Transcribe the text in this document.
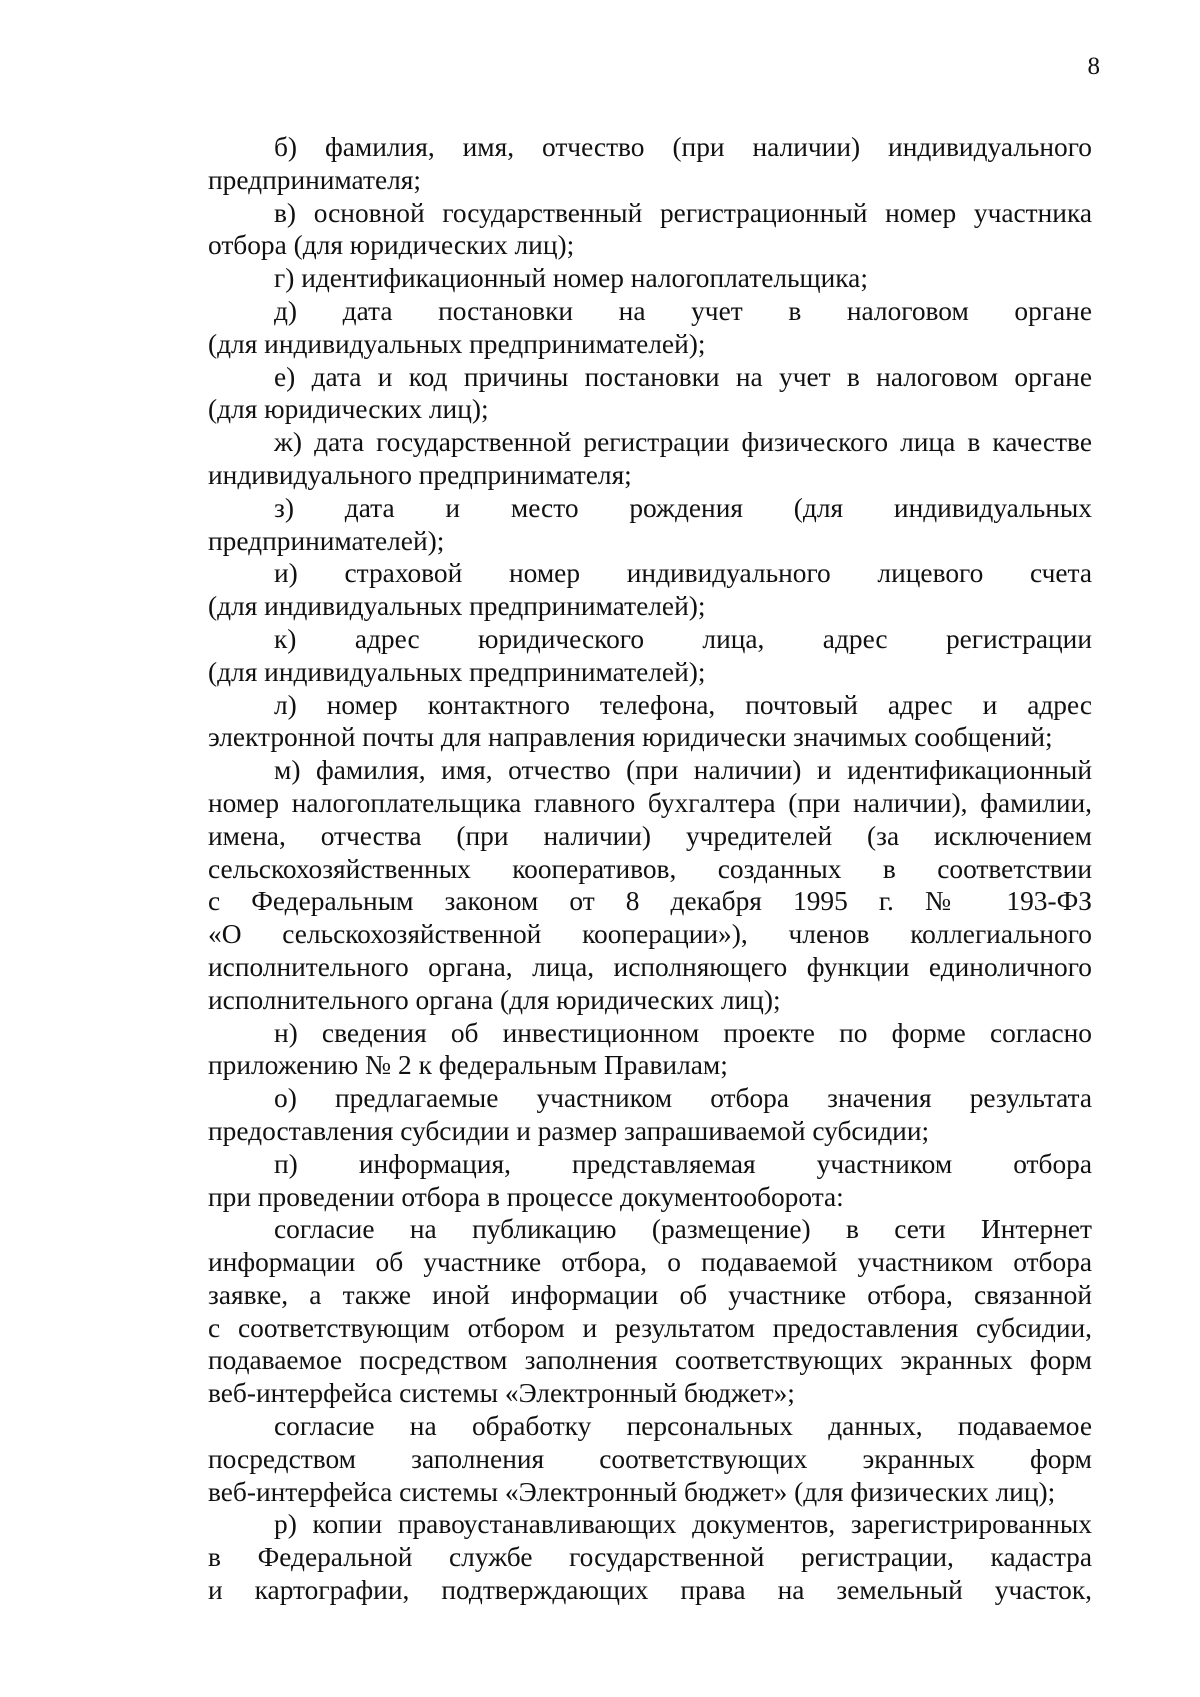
8

б) фамилия, имя, отчество (при наличии) индивидуального

предпринимателя;

в) основной государственный регистрационный номер участника

отбора (для юридических лиц);

г) идентификационный номер налогоплательщика;

д) дата постановки на учет в налоговом органе

(для индивидуальных предпринимателей);

е) дата и код причины постановки на учет в налоговом органе

(для юридических лиц);

ж) дата государственной регистрации физического лица в качестве

индивидуального предпринимателя;

з) дата и место рождения (для индивидуальных

предпринимателей);

и) страховой номер индивидуального лицевого счета

(для индивидуальных предпринимателей);

к) адрес юридического лица, адрес регистрации

(для индивидуальных предпринимателей);

л) номер контактного телефона, почтовый адрес и адрес

электронной почты для направления юридически значимых сообщений;

м) фамилия, имя, отчество (при наличии) и идентификационный

номер налогоплательщика главного бухгалтера (при наличии), фамилии,

имена, отчества (при наличии) учредителей (за исключением

сельскохозяйственных кооперативов, созданных в соответствии

с Федеральным законом от 8 декабря 1995 г. № 193-ФЗ

«О сельскохозяйственной кооперации»), членов коллегиального

исполнительного органа, лица, исполняющего функции единоличного

исполнительного органа (для юридических лиц);

н) сведения об инвестиционном проекте по форме согласно

приложению № 2 к федеральным Правилам;

о) предлагаемые участником отбора значения результата

предоставления субсидии и размер запрашиваемой субсидии;

п) информация, представляемая участником отбора

при проведении отбора в процессе документооборота:

согласие на публикацию (размещение) в сети Интернет

информации об участнике отбора, о подаваемой участником отбора

заявке, а также иной информации об участнике отбора, связанной

с соответствующим отбором и результатом предоставления субсидии,

подаваемое посредством заполнения соответствующих экранных форм

веб-интерфейса системы «Электронный бюджет»;

согласие на обработку персональных данных, подаваемое

посредством заполнения соответствующих экранных форм

веб-интерфейса системы «Электронный бюджет» (для физических лиц);

р) копии правоустанавливающих документов, зарегистрированных

в Федеральной службе государственной регистрации, кадастра

и картографии, подтверждающих права на земельный участок,
